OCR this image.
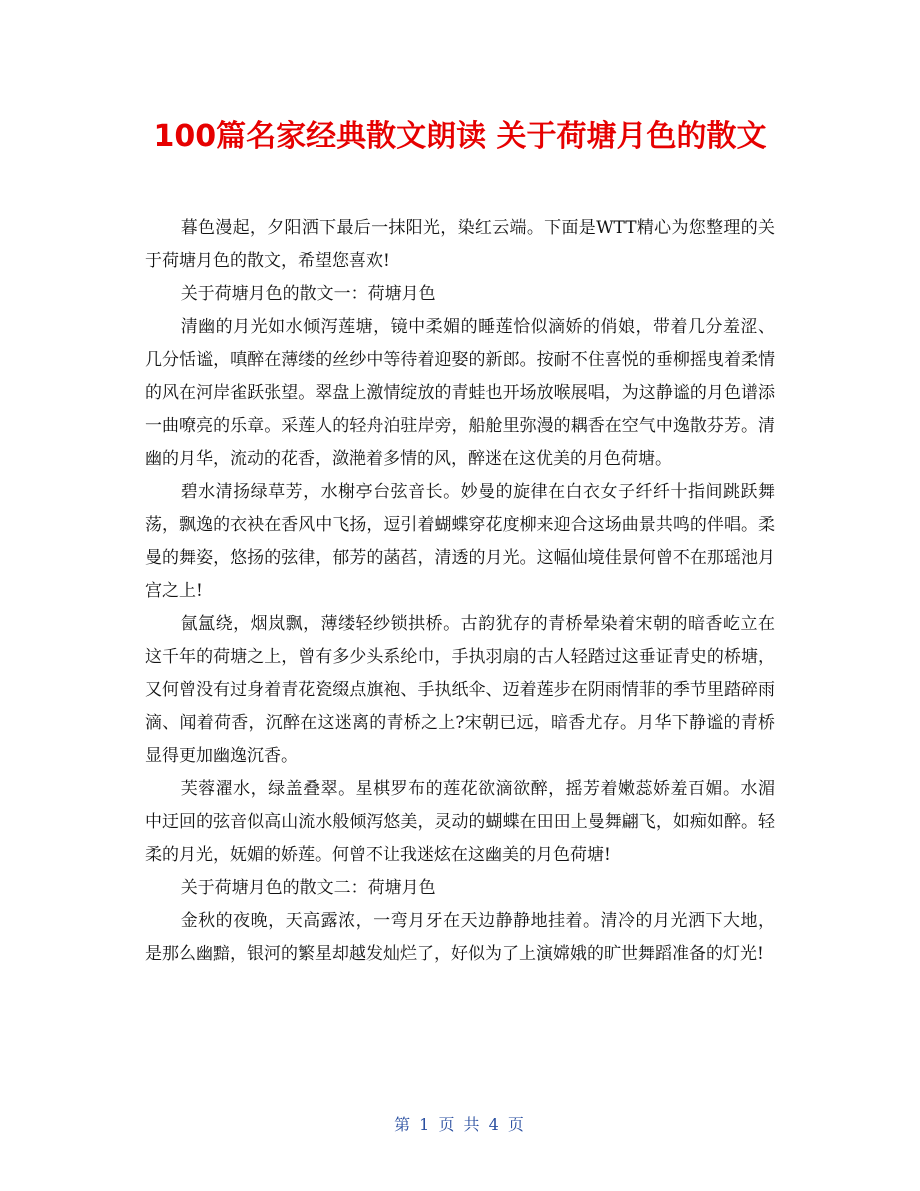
100篇名家经典散文朗读 关于荷塘月色的散文

暮色漫起，夕阳洒下最后一抹阳光，染红云端。下面是WTT精心为您整理的关于荷塘月色的散文，希望您喜欢!

关于荷塘月色的散文一：荷塘月色

清幽的月光如水倾泻莲塘，镜中柔媚的睡莲恰似滴娇的俏娘，带着几分羞涩、几分恬谧，嗔醉在薄缕的丝纱中等待着迎娶的新郎。按耐不住喜悦的垂柳摇曳着柔情的风在河岸雀跃张望。翠盘上激情绽放的青蛙也开场放喉展唱，为这静谧的月色谱添一曲嘹亮的乐章。采莲人的轻舟泊驻岸旁，船舱里弥漫的耦香在空气中逸散芬芳。清幽的月华，流动的花香，潋滟着多情的风，醉迷在这优美的月色荷塘。

碧水清扬绿草芳，水榭亭台弦音长。妙曼的旋律在白衣女子纤纤十指间跳跃舞荡，飘逸的衣袂在香风中飞扬，逗引着蝴蝶穿花度柳来迎合这场曲景共鸣的伴唱。柔曼的舞姿，悠扬的弦律，郁芳的菡萏，清透的月光。这幅仙境佳景何曾不在那瑶池月宫之上!

氤氲绕，烟岚飘，薄缕轻纱锁拱桥。古韵犹存的青桥晕染着宋朝的暗香屹立在这千年的荷塘之上，曾有多少头系纶巾，手执羽扇的古人轻踏过这垂证青史的桥塘，又何曾没有过身着青花瓷缀点旗袍、手执纸伞、迈着莲步在阴雨情菲的季节里踏碎雨滴、闻着荷香，沉醉在这迷离的青桥之上?宋朝已远，暗香尤存。月华下静谧的青桥显得更加幽逸沉香。

芙蓉濯水，绿盖叠翠。星棋罗布的莲花欲滴欲醉，摇芳着嫩蕊娇羞百媚。水湄中迂回的弦音似高山流水般倾泻悠美，灵动的蝴蝶在田田上曼舞翩飞，如痴如醉。轻柔的月光，妩媚的娇莲。何曾不让我迷炫在这幽美的月色荷塘!

关于荷塘月色的散文二：荷塘月色

金秋的夜晚，天高露浓，一弯月牙在天边静静地挂着。清冷的月光洒下大地，是那么幽黯，银河的繁星却越发灿烂了，好似为了上演嫦娥的旷世舞蹈准备的灯光!

第 1 页 共 4 页
